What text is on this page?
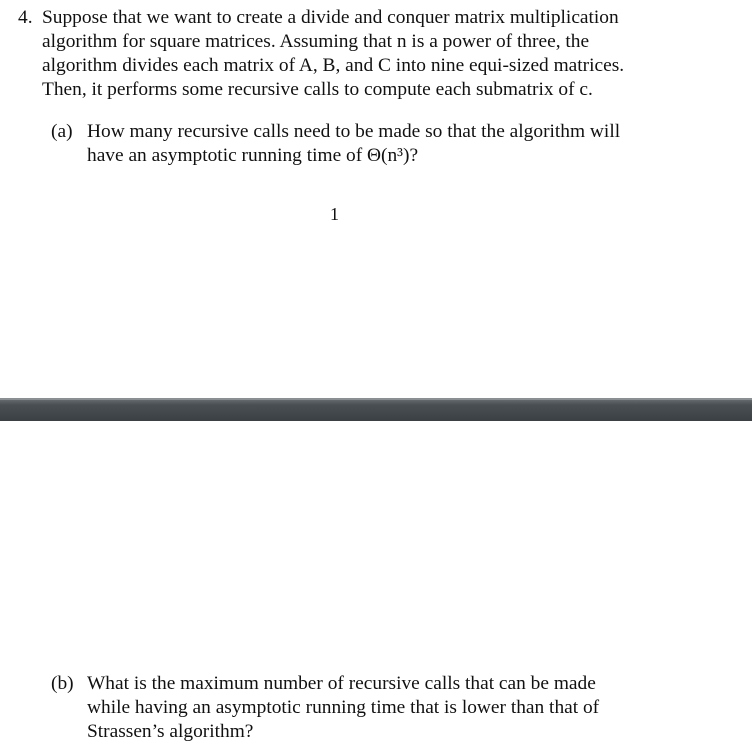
4. Suppose that we want to create a divide and conquer matrix multiplication
algorithm for square matrices. Assuming that n is a power of three, the
algorithm divides each matrix of A, B, and C into nine equi-sized matrices.
Then, it performs some recursive calls to compute each submatrix of c.
(a) How many recursive calls need to be made so that the algorithm will
have an asymptotic running time of Θ(n³)?
1
(b) What is the maximum number of recursive calls that can be made
while having an asymptotic running time that is lower than that of
Strassen’s algorithm?
